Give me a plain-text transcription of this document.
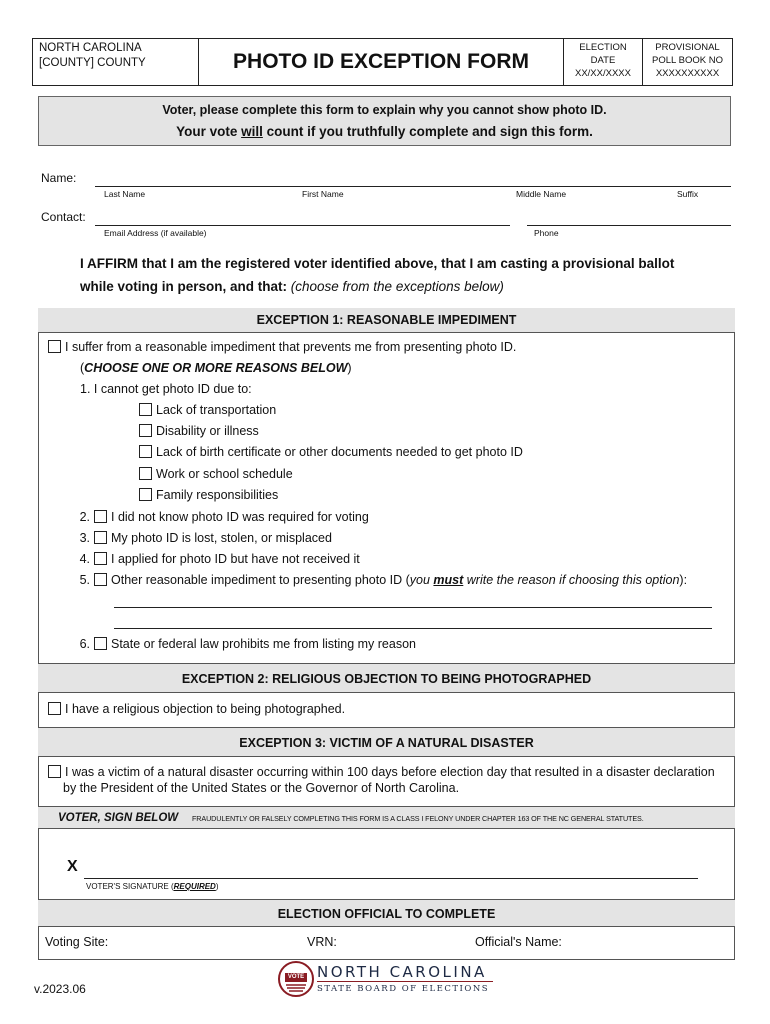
NORTH CAROLINA
[COUNTY] COUNTY	PHOTO ID EXCEPTION FORM
ELECTION
DATE
XX/XX/XXXX
PROVISIONAL
POLL BOOK NO
XXXXXXXXXX
Voter, please complete this form to explain why you cannot show photo ID.
Your vote will count if you truthfully complete and sign this form.
Name:
Last Name	First Name	Middle Name	Suffix
Contact:
Email Address (if available)	Phone
I AFFIRM that I am the registered voter identified above, that I am casting a provisional ballot
while voting in person, and that: (choose from the exceptions below)
EXCEPTION 1: REASONABLE IMPEDIMENT
I suffer from a reasonable impediment that prevents me from presenting photo ID.
(CHOOSE ONE OR MORE REASONS BELOW)
1. I cannot get photo ID due to:
Lack of transportation
Disability or illness
Lack of birth certificate or other documents needed to get photo ID
Work or school schedule
Family responsibilities
2. I did not know photo ID was required for voting
3. My photo ID is lost, stolen, or misplaced
4. I applied for photo ID but have not received it
5. Other reasonable impediment to presenting photo ID (you must write the reason if choosing this option):
6. State or federal law prohibits me from listing my reason
EXCEPTION 2: RELIGIOUS OBJECTION TO BEING PHOTOGRAPHED
I have a religious objection to being photographed.
EXCEPTION 3: VICTIM OF A NATURAL DISASTER
I was a victim of a natural disaster occurring within 100 days before election day that resulted in a disaster declaration
by the President of the United States or the Governor of North Carolina.
VOTER, SIGN BELOW FRAUDULENTLY OR FALSELY COMPLETING THIS FORM IS A CLASS I FELONY UNDER CHAPTER 163 OF THE NC GENERAL STATUTES.
X
VOTER'S SIGNATURE (REQUIRED)
ELECTION OFFICIAL TO COMPLETE
Voting Site:	VRN:	Official's Name:
v.2023.06
VOTE NORTH CAROLINA
STATE BOARD OF ELECTIONS
